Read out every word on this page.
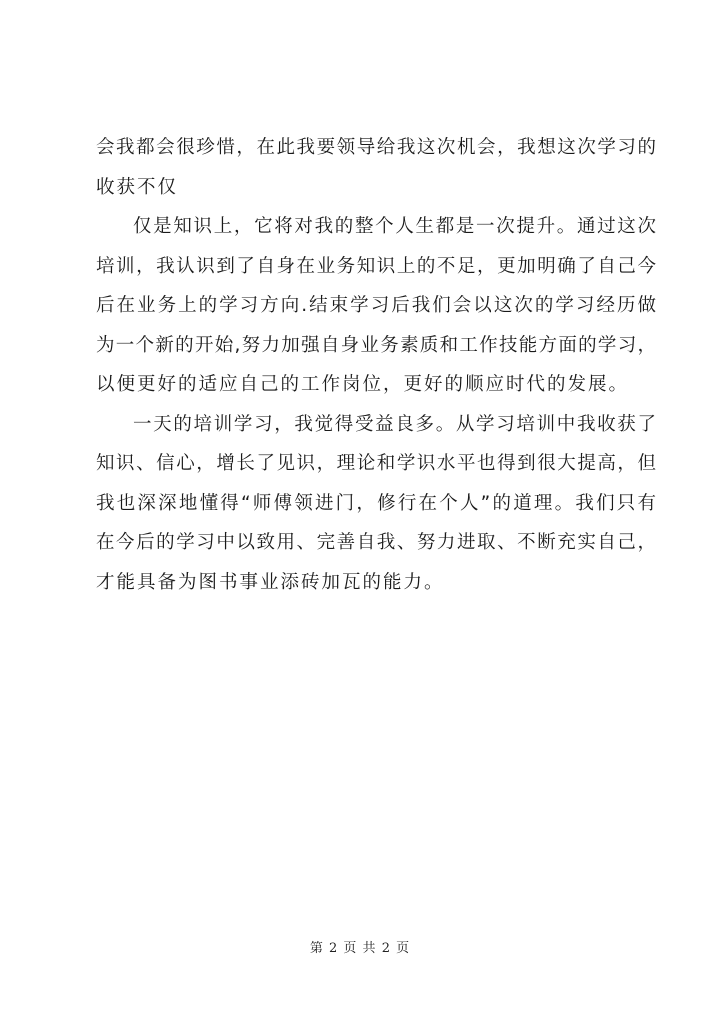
会我都会很珍惜，在此我要领导给我这次机会，我想这次学习的
收获不仅
仅是知识上，它将对我的整个人生都是一次提升。通过这次
培训，我认识到了自身在业务知识上的不足，更加明确了自己今
后在业务上的学习方向.结束学习后我们会以这次的学习经历做
为一个新的开始,努力加强自身业务素质和工作技能方面的学习，
以便更好的适应自己的工作岗位，更好的顺应时代的发展。
一天的培训学习，我觉得受益良多。从学习培训中我收获了
知识、信心，增长了见识，理论和学识水平也得到很大提高，但
我也深深地懂得“师傅领进门，修行在个人”的道理。我们只有
在今后的学习中以致用、完善自我、努力进取、不断充实自己，
才能具备为图书事业添砖加瓦的能力。
第 2 页 共 2 页
